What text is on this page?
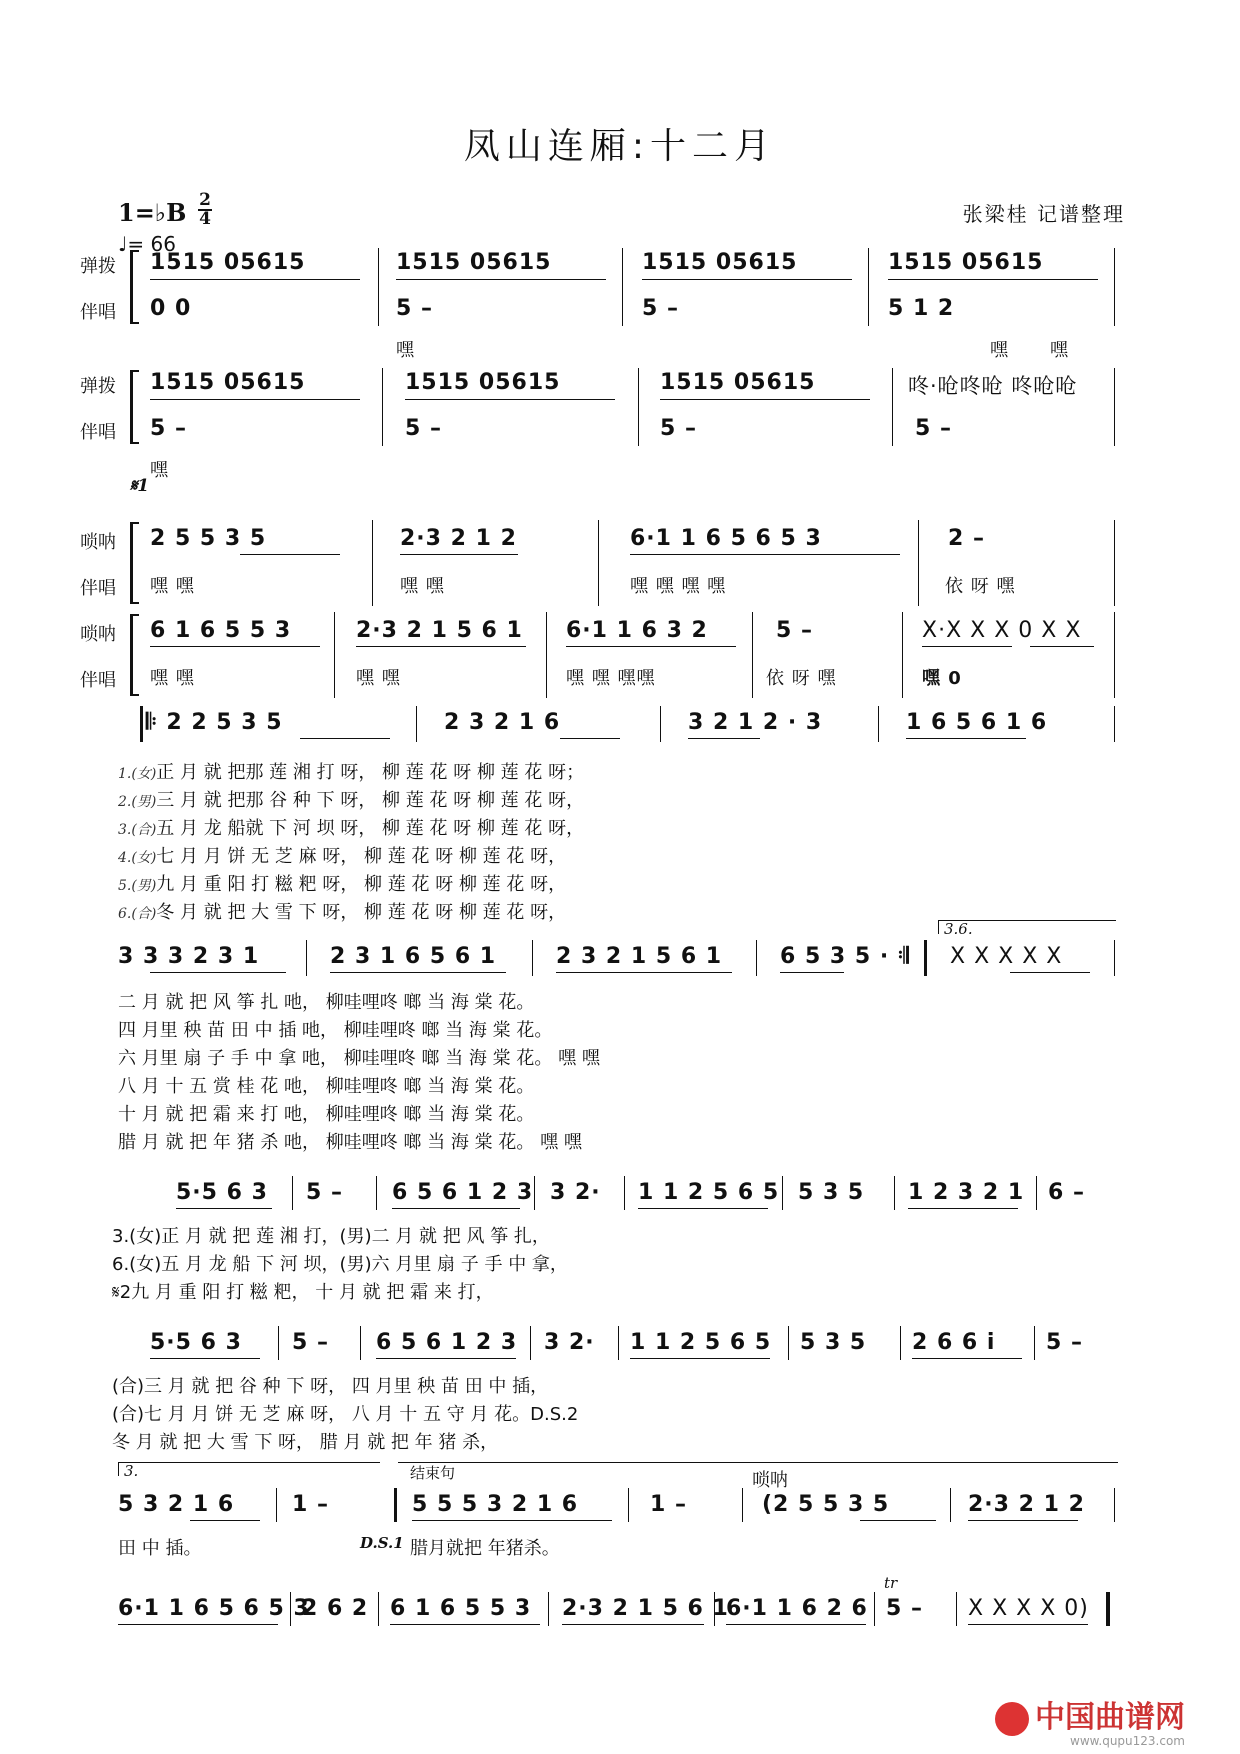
凤山连厢:十二月
1=♭B 2
4
♩= 66
张梁桂 记谱整理
弹拨
伴唱
1515 05615	1515 05615	1515 05615	1515 05615
0 0	5 –	5 –	5 1 2
嘿	嘿 嘿
弹拨
伴唱
1515 05615	1515 05615	1515 05615	咚·呛咚呛 咚呛呛
5 –	5 –	5 –	5 –
嘿
𝄋1
唢呐
伴唱
2 5 5 3 5	2·3 2 1 2	6·1 1 6 5 6 5 3	2 –
嘿 嘿	嘿 嘿	嘿 嘿 嘿 嘿	依 呀 嘿
唢呐
伴唱
6 1 6 5 5 3	2·3 2 1 5 6 1 6·1 1 6 3 2	5 –	X·X X X 0 X X
嘿 嘿	嘿 嘿	嘿 嘿 嘿嘿	依 呀 嘿	嘿 0
𝄆 2 2 5 3 5	2 3 2 1 6	3 2 1 2 · 3	1 6 5 6 1 6
1.(女)正 月 就 把那 莲 湘 打 呀， 柳 莲 花 呀 柳 莲 花 呀；
2.(男)三 月 就 把那 谷 种 下 呀， 柳 莲 花 呀 柳 莲 花 呀，
3.(合)五 月 龙 船就 下 河 坝 呀， 柳 莲 花 呀 柳 莲 花 呀，
4.(女)七 月 月 饼 无 芝 麻 呀， 柳 莲 花 呀 柳 莲 花 呀，
5.(男)九 月 重 阳 打 糍 粑 呀， 柳 莲 花 呀 柳 莲 花 呀，
6.(合)冬 月 就 把 大 雪 下 呀， 柳 莲 花 呀 柳 莲 花 呀，
3.6.
3 3 3 2 3 1	2 3 1 6 5 6 1	2 3 2 1 5 6 1	6 5 3 5 · 𝄇 X X X X X
二 月 就 把 风 筝 扎 吔， 柳哇哩咚 啷 当 海 棠 花。
四 月里 秧 苗 田 中 插 吔， 柳哇哩咚 啷 当 海 棠 花。
六 月里 扇 子 手 中 拿 吔， 柳哇哩咚 啷 当 海 棠 花。 嘿 嘿
八 月 十 五 赏 桂 花 吔， 柳哇哩咚 啷 当 海 棠 花。
十 月 就 把 霜 来 打 吔， 柳哇哩咚 啷 当 海 棠 花。
腊 月 就 把 年 猪 杀 吔， 柳哇哩咚 啷 当 海 棠 花。 嘿 嘿
5·5 6 3 5 – 6 5 6 1 2 3 3 2· 1 1 2 5 6 5 5 3 5 1 2 3 2 1 6 –
3.(女)正 月 就 把 莲 湘 打，(男)二 月 就 把 风 筝 扎，
6.(女)五 月 龙 船 下 河 坝，(男)六 月里 扇 子 手 中 拿，
𝄋2九 月 重 阳 打 糍 粑， 十 月 就 把 霜 来 打，
5·5 6 3 5 – 6 5 6 1 2 3 3 2· 1 1 2 5 6 5 5 3 5 2 6 6 i 5 –
(合)三 月 就 把 谷 种 下 呀， 四 月里 秧 苗 田 中 插，
(合)七 月 月 饼 无 芝 麻 呀， 八 月 十 五 守 月 花。D.S.2
冬 月 就 把 大 雪 下 呀， 腊 月 就 把 年 猪 杀，
3.	结束句	唢呐
5 3 2 1 6	1 –	5 5 5 3 2 1 6	1 –	(2 5 5 3 5	2·3 2 1 2
田 中 插。	D.S.1 腊月就把 年猪杀。
tr
6·1 1 6 5 6 5 3
2 6 2 6 1 6 5 5 3 2·3 2 1 5 6 1
6·1 1 6 2 6 5 – X X X X 0)
中国曲谱网
www.qupu123.com
